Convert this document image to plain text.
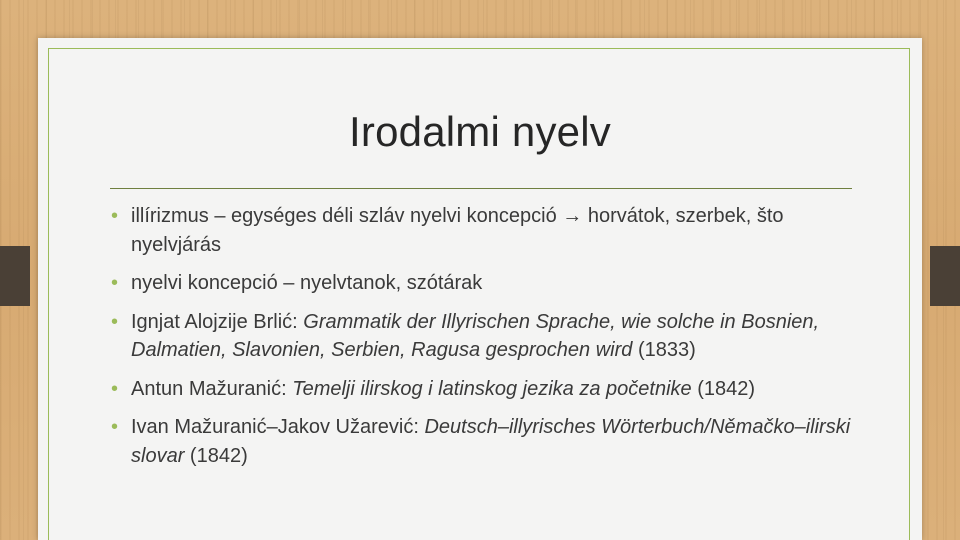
Irodalmi nyelv
• illírizmus – egységes déli szláv nyelvi koncepció → horvátok, szerbek, što nyelvjárás
• nyelvi koncepció – nyelvtanok, szótárak
• Ignjat Alojzije Brlić: Grammatik der Illyrischen Sprache, wie solche in Bosnien, Dalmatien, Slavonien, Serbien, Ragusa gesprochen wird (1833)
• Antun Mažuranić: Temelji ilirskog i latinskog jezika za početnike (1842)
• Ivan Mažuranić–Jakov Užarević: Deutsch–illyrisches Wörterbuch/Němačko–ilirski slovar (1842)
